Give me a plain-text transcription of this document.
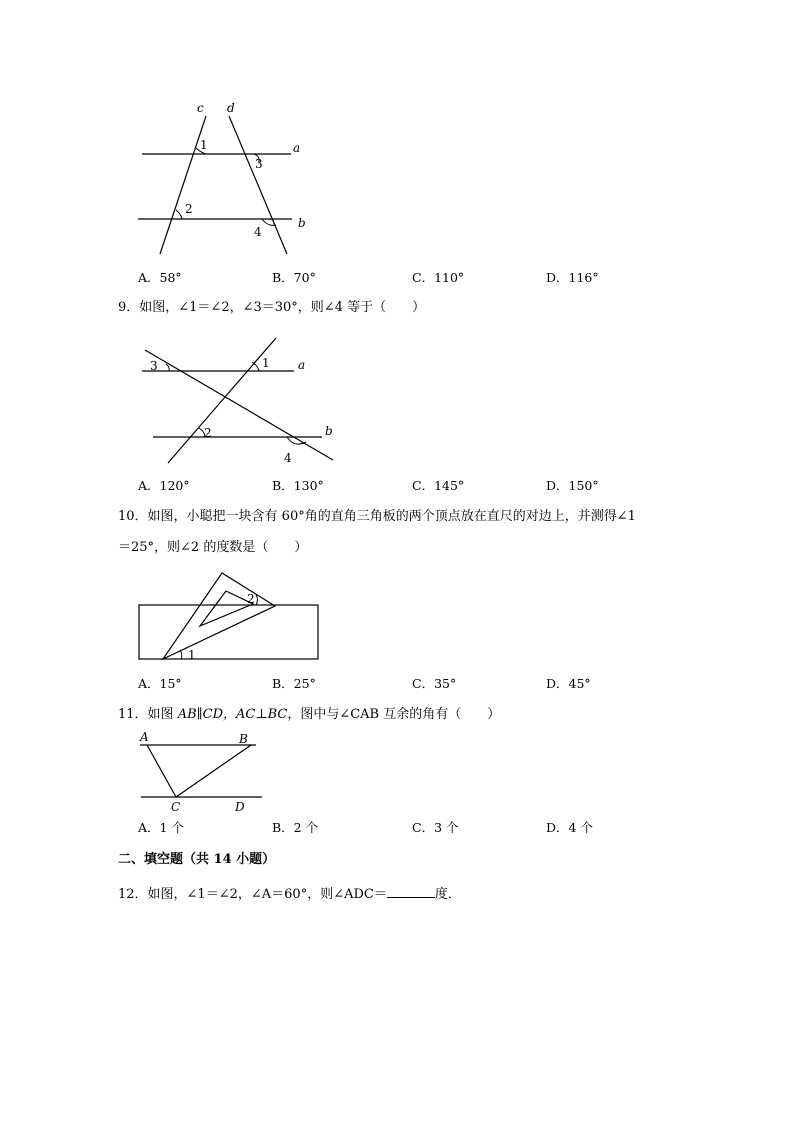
c d
a
b
1
2
3
4
A．58°	B．70°	C．110°	D．116°
9．如图，∠1＝∠2，∠3＝30°，则∠4 等于（　　）
3	1 a
2	b
4
A．120°	B．130°	C．145°	D．150°
10．如图，小聪把一块含有 60°角的直角三角板的两个顶点放在直尺的对边上，并测得∠1
＝25°，则∠2 的度数是（　　）
1
2
A．15°	B．25°	C．35°	D．45°
11．如图 AB∥CD，AC⊥BC，图中与∠CAB 互余的角有（　　）
A	B
C	D
A．1 个	B．2 个	C．3 个	D．4 个
二、填空题（共 14 小题）
12．如图，∠1＝∠2，∠A＝60°，则∠ADC＝	度．
